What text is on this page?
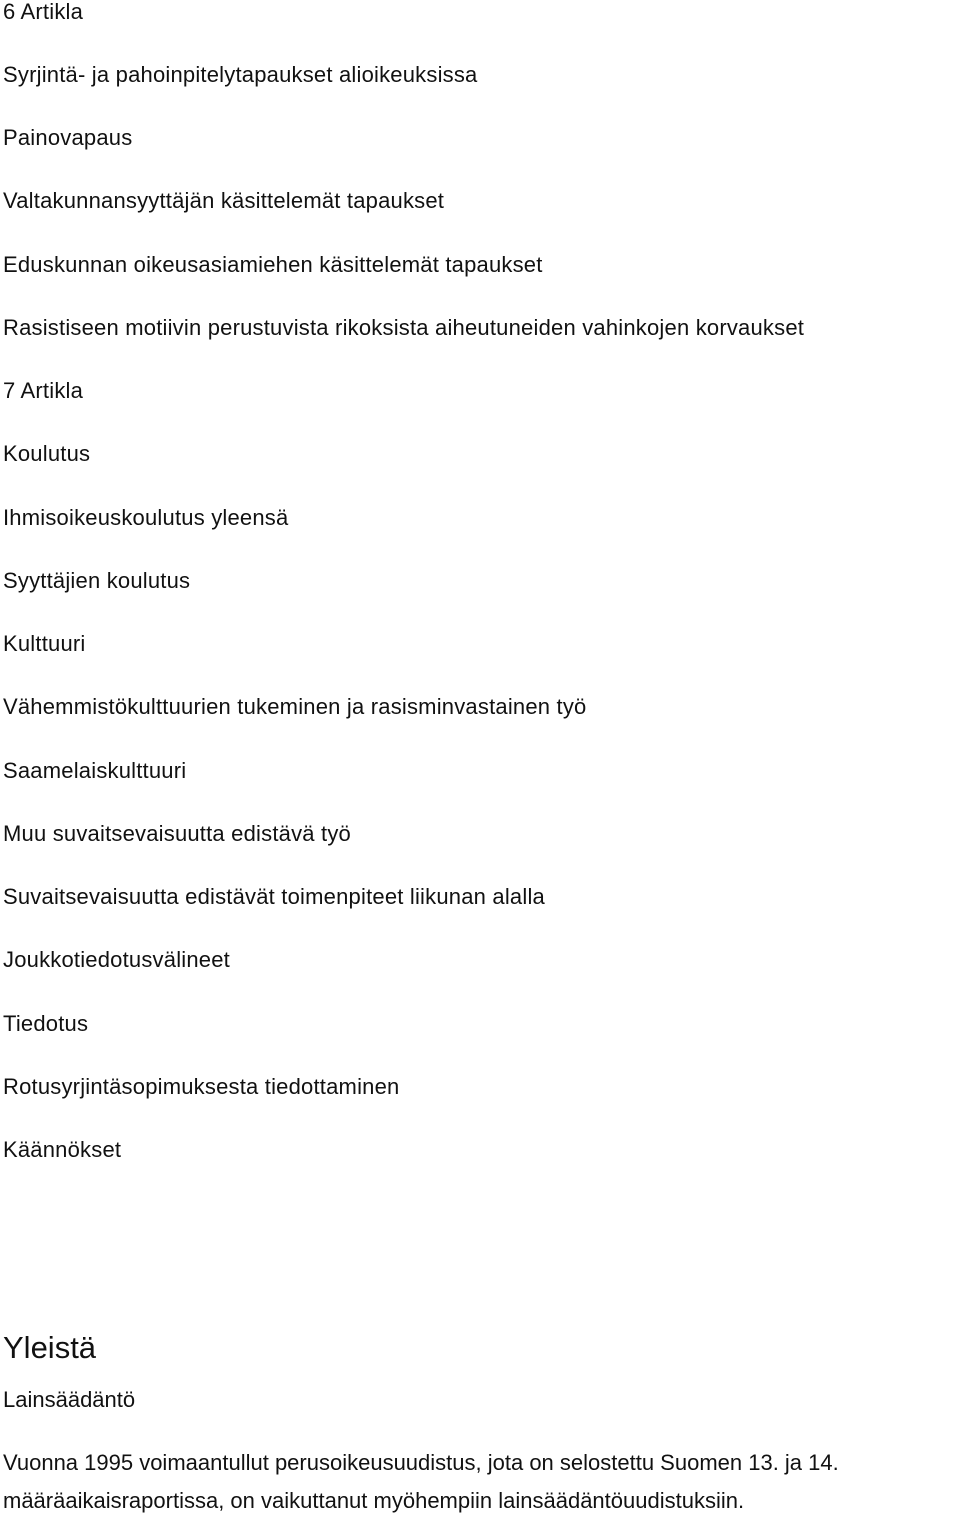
6 Artikla
Syrjintä- ja pahoinpitelytapaukset alioikeuksissa
Painovapaus
Valtakunnansyyttäjän käsittelemät tapaukset
Eduskunnan oikeusasiamiehen käsittelemät tapaukset
Rasistiseen motiivin perustuvista rikoksista aiheutuneiden vahinkojen korvaukset
7 Artikla
Koulutus
Ihmisoikeuskoulutus yleensä
Syyttäjien koulutus
Kulttuuri
Vähemmistökulttuurien tukeminen ja rasisminvastainen työ
Saamelaiskulttuuri
Muu suvaitsevaisuutta edistävä työ
Suvaitsevaisuutta edistävät toimenpiteet liikunan alalla
Joukkotiedotusvälineet
Tiedotus
Rotusyrjintäsopimuksesta tiedottaminen
Käännökset
Yleistä
Lainsäädäntö
Vuonna 1995 voimaantullut perusoikeusuudistus, jota on selostettu Suomen 13. ja 14.
määräaikaisraportissa, on vaikuttanut myöhempiin lainsäädäntöuudistuksiin.
